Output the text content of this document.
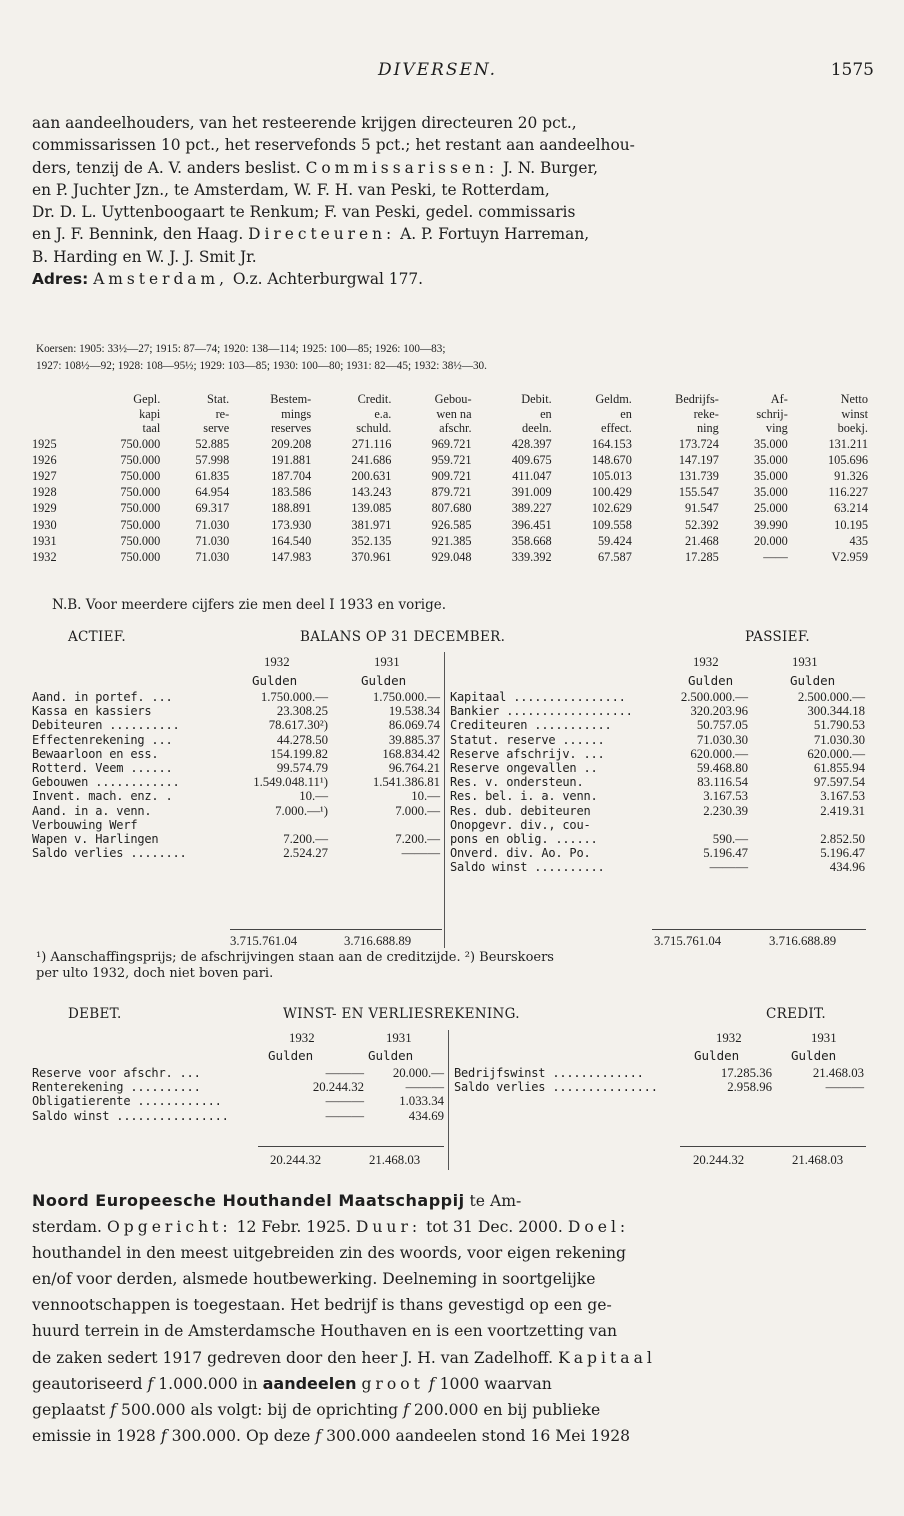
DIVERSEN.	1575
aan aandeelhouders, van het resteerende krijgen directeuren 20 pct.,
commissarissen 10 pct., het reservefonds 5 pct.; het restant aan aandeelhou-
ders, tenzij de A. V. anders beslist. Commissarissen: J. N. Burger,
en P. Juchter Jzn., te Amsterdam, W. F. H. van Peski, te Rotterdam,
Dr. D. L. Uyttenboogaart te Renkum; F. van Peski, gedel. commissaris
en J. F. Bennink, den Haag. Directeuren: A. P. Fortuyn Harreman,
B. Harding en W. J. J. Smit Jr.
Adres: Amsterdam, O.z. Achterburgwal 177.
Koersen: 1905: 33½—27; 1915: 87—74; 1920: 138—114; 1925: 100—85; 1926: 100—83;
1927: 108½—92; 1928: 108—95½; 1929: 103—85; 1930: 100—80; 1931: 82—45; 1932: 38½—30.
	Gepl.	Stat.	Bestem-	Credit.	Gebou-	Debit.	Geldm.	Bedrijfs-	Af-	Netto
	kapi	re-	mings	e.a.	wen na	en	en	reke-	schrij-	winst
	taal	serve	reserves	schuld.	afschr.	deeln.	effect.	ning	ving	boekj.
1925	750.000	52.885	209.208	271.116	969.721	428.397	164.153	173.724	35.000	131.211
1926	750.000	57.998	191.881	241.686	959.721	409.675	148.670	147.197	35.000	105.696
1927	750.000	61.835	187.704	200.631	909.721	411.047	105.013	131.739	35.000	91.326
1928	750.000	64.954	183.586	143.243	879.721	391.009	100.429	155.547	35.000	116.227
1929	750.000	69.317	188.891	139.085	807.680	389.227	102.629	91.547	25.000	63.214
1930	750.000	71.030	173.930	381.971	926.585	396.451	109.558	52.392	39.990	10.195
1931	750.000	71.030	164.540	352.135	921.385	358.668	59.424	21.468	20.000	435
1932	750.000	71.030	147.983	370.961	929.048	339.392	67.587	17.285	——	V2.959
N.B. Voor meerdere cijfers zie men deel I 1933 en vorige.
ACTIEF.	BALANS OP 31 DECEMBER.	PASSIEF.
1932	1931	1932	1931
Gulden	Gulden	Gulden	Gulden
Aand. in portef. ...	1.750.000.—	1.750.000.—
Kassa en kassiers	23.308.25	19.538.34
Debiteuren ..........	78.617.30²)	86.069.74
Effectenrekening ...	44.278.50	39.885.37
Bewaarloon en ess.	154.199.82	168.834.42
Rotterd. Veem ......	99.574.79	96.764.21
Gebouwen ............	1.549.048.11¹)	1.541.386.81
Invent. mach. enz. .	10.—	10.—
Aand. in a. venn.	7.000.—¹)	7.000.—
Verbouwing Werf		
Wapen v. Harlingen	7.200.—	7.200.—
Saldo verlies ........	2.524.27	———
Kapitaal ................	2.500.000.—	2.500.000.—
Bankier ..................	320.203.96	300.344.18
Crediteuren ...........	50.757.05	51.790.53
Statut. reserve ......	71.030.30	71.030.30
Reserve afschrijv. ...	620.000.—	620.000.—
Reserve ongevallen ..	59.468.80	61.855.94
Res. v. ondersteun.	83.116.54	97.597.54
Res. bel. i. a. venn.	3.167.53	3.167.53
Res. dub. debiteuren	2.230.39	2.419.31
Onopgevr. div., cou-		
pons en oblig. ......	590.—	2.852.50
Onverd. div. Ao. Po.	5.196.47	5.196.47
Saldo winst ..........	———	434.96
3.715.761.04	3.716.688.89	3.715.761.04	3.716.688.89
¹) Aanschaffingsprijs; de afschrijvingen staan aan de creditzijde. ²) Beurskoers
per ulto 1932, doch niet boven pari.
DEBET.	WINST- EN VERLIESREKENING.	CREDIT.
1932	1931	1932	1931
Gulden	Gulden	Gulden	Gulden
Reserve voor afschr. ...	———	20.000.—
Renterekening ..........	20.244.32	———
Obligatierente ............	———	1.033.34
Saldo winst ................	———	434.69
Bedrijfswinst .............	17.285.36	21.468.03
Saldo verlies ...............	2.958.96	———
20.244.32	21.468.03	20.244.32	21.468.03
Noord Europeesche Houthandel Maatschappij te Am-
sterdam. Opgericht: 12 Febr. 1925. Duur: tot 31 Dec. 2000. Doel:
houthandel in den meest uitgebreiden zin des woords, voor eigen rekening
en/of voor derden, alsmede houtbewerking. Deelneming in soortgelijke
vennootschappen is toegestaan. Het bedrijf is thans gevestigd op een ge-
huurd terrein in de Amsterdamsche Houthaven en is een voortzetting van
de zaken sedert 1917 gedreven door den heer J. H. van Zadelhoff. Kapitaal
geautoriseerd f 1.000.000 in aandeelen groot f 1000 waarvan
geplaatst f 500.000 als volgt: bij de oprichting f 200.000 en bij publieke
emissie in 1928 f 300.000. Op deze f 300.000 aandeelen stond 16 Mei 1928
